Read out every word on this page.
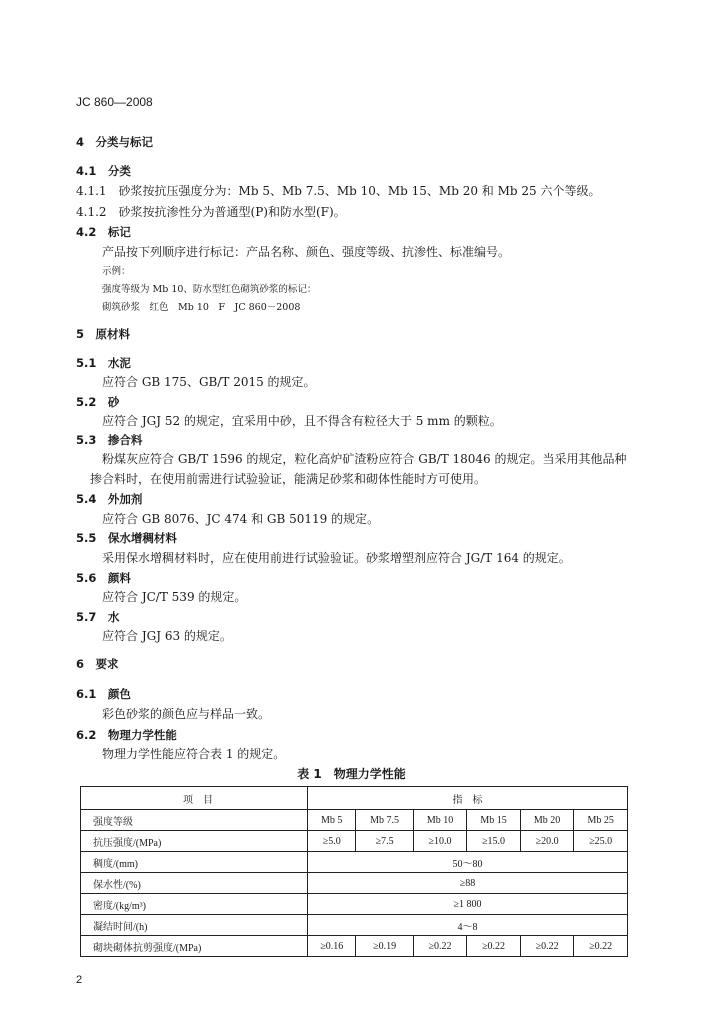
JC 860—2008
4　分类与标记
4.1　分类
4.1.1　砂浆按抗压强度分为：Mb 5、Mb 7.5、Mb 10、Mb 15、Mb 20 和 Mb 25 六个等级。
4.1.2　砂浆按抗渗性分为普通型(P)和防水型(F)。
4.2　标记
产品按下列顺序进行标记：产品名称、颜色、强度等级、抗渗性、标准编号。
示例：
强度等级为 Mb 10、防水型红色砌筑砂浆的标记：
砌筑砂浆　红色　Mb 10　F　JC 860－2008
5　原材料
5.1　水泥
应符合 GB 175、GB/T 2015 的规定。
5.2　砂
应符合 JGJ 52 的规定，宜采用中砂，且不得含有粒径大于 5 mm 的颗粒。
5.3　掺合料
粉煤灰应符合 GB/T 1596 的规定，粒化高炉矿渣粉应符合 GB/T 18046 的规定。当采用其他品种
掺合料时，在使用前需进行试验验证，能满足砂浆和砌体性能时方可使用。
5.4　外加剂
应符合 GB 8076、JC 474 和 GB 50119 的规定。
5.5　保水增稠材料
采用保水增稠材料时，应在使用前进行试验验证。砂浆增塑剂应符合 JG/T 164 的规定。
5.6　颜料
应符合 JC/T 539 的规定。
5.7　水
应符合 JGJ 63 的规定。
6　要求
6.1　颜色
彩色砂浆的颜色应与样品一致。
6.2　物理力学性能
物理力学性能应符合表 1 的规定。
表 1　物理力学性能
项　目	指　标					
强度等级	Mb 5	Mb 7.5	Mb 10	Mb 15	Mb 20	Mb 25
抗压强度/(MPa)	≥5.0	≥7.5	≥10.0	≥15.0	≥20.0	≥25.0
稠度/(mm)	50～80					
保水性/(%)	≥88					
密度/(kg/m³)	≥1 800					
凝结时间/(h)	4～8					
砌块砌体抗剪强度/(MPa)	≥0.16	≥0.19	≥0.22	≥0.22	≥0.22	≥0.22
2
